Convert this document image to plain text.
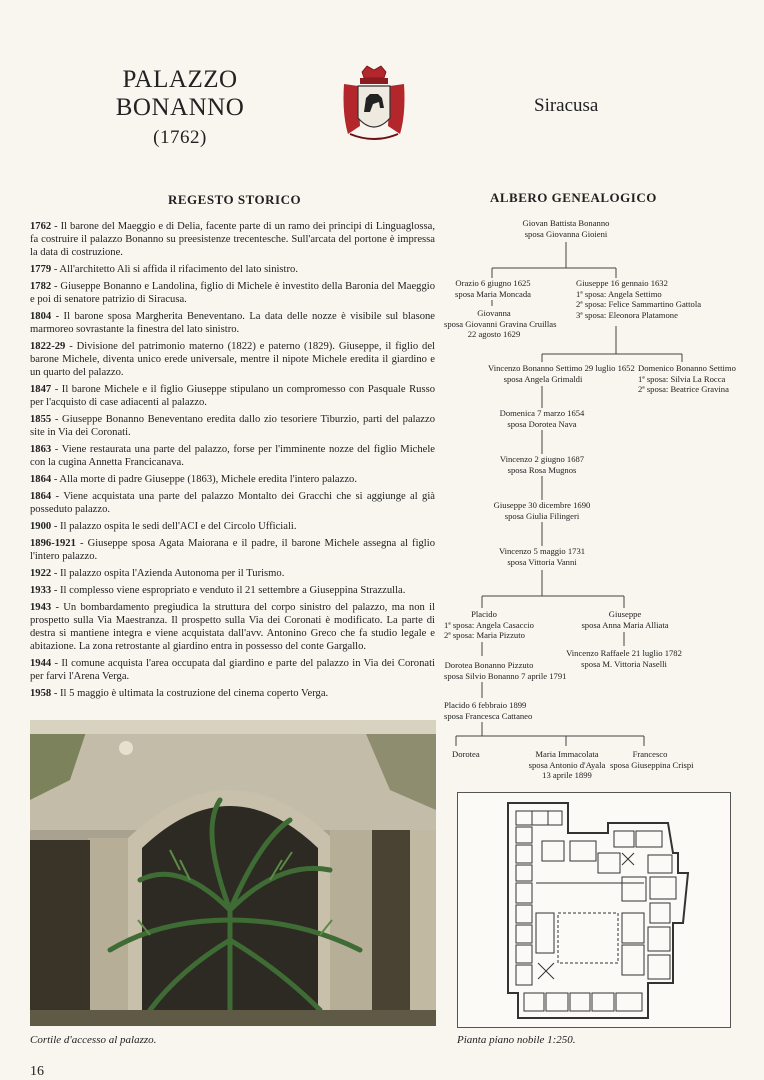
PALAZZO
BONANNO
(1762)
Siracusa
REGESTO STORICO

1762 - Il barone del Maeggio e di Delia, facente parte di un ramo dei principi di Linguaglossa, fa costruire il palazzo Bonanno su preesistenze trecentesche. Sull'arcata del portone è impressa la data di costruzione.

1779 - All'architetto Alì si affida il rifacimento del lato sinistro.

1782 - Giuseppe Bonanno e Landolina, figlio di Michele è investito della Baronia del Maeggio e poi di senatore patrizio di Siracusa.

1804 - Il barone sposa Margherita Beneventano. La data delle nozze è visibile sul blasone marmoreo sovrastante la finestra del lato sinistro.

1822-29 - Divisione del patrimonio materno (1822) e paterno (1829). Giuseppe, il figlio del barone Michele, diventa unico erede universale, mentre il nipote Michele eredita il giardino e un quarto del palazzo.

1847 - Il barone Michele e il figlio Giuseppe stipulano un compromesso con Pasquale Russo per l'acquisto di case adiacenti al palazzo.

1855 - Giuseppe Bonanno Beneventano eredita dallo zio tesoriere Tiburzio, parti del palazzo site in Via dei Coronati.

1863 - Viene restaurata una parte del palazzo, forse per l'imminente nozze del figlio Michele con la cugina Annetta Francicanava.

1864 - Alla morte di padre Giuseppe (1863), Michele eredita l'intero palazzo.

1864 - Viene acquistata una parte del palazzo Montalto dei Gracchi che si aggiunge al già posseduto palazzo.

1900 - Il palazzo ospita le sedi dell'ACI e del Circolo Ufficiali.

1896-1921 - Giuseppe sposa Agata Maiorana e il padre, il barone Michele assegna al figlio l'intero palazzo.

1922 - Il palazzo ospita l'Azienda Autonoma per il Turismo.

1933 - Il complesso viene espropriato e venduto il 21 settembre a Giuseppina Strazzulla.

1943 - Un bombardamento pregiudica la struttura del corpo sinistro del palazzo, ma non il prospetto sulla Via Maestranza. Il prospetto sulla Via dei Coronati è modificato. La parte di destra si mantiene integra e viene acquistata dall'avv. Antonino Greco che fa studio legale e abitazione. La zona retrostante al giardino entra in possesso del conte Gargallo.

1944 - Il comune acquista l'area occupata dal giardino e parte del palazzo in Via dei Coronati per farvi l'Arena Verga.

1958 - Il 5 maggio è ultimata la costruzione del cinema coperto Verga.

ALBERO GENEALOGICO
Giovan Battista Bonanno
sposa Giovanna Gioieni
Orazio 6 giugno 1625
sposa Maria Moncada
Giovanna
sposa Giovanni Gravina Cruillas
22 agosto 1629
Giuseppe 16 gennaio 1632
1ª sposa: Angela Settimo
2ª sposa: Felice Sammartino Gattola
3ª sposa: Eleonora Platamone
Vincenzo Bonanno Settimo 29 luglio 1652
sposa Angela Grimaldi
Domenico Bonanno Settimo
1ª sposa: Silvia La Rocca
2ª sposa: Beatrice Gravina
Domenica 7 marzo 1654
sposa Dorotea Nava
Vincenzo 2 giugno 1687
sposa Rosa Mugnos
Giuseppe 30 dicembre 1690
sposa Giulia Filingeri
Vincenzo 5 maggio 1731
sposa Vittoria Vanni
Placido
1ª sposa: Angela Casaccio
2ª sposa: Maria Pizzuto
Giuseppe
sposa Anna Maria Alliata
Dorotea Bonanno Pizzuto
sposa Silvio Bonanno 7 aprile 1791
Vincenzo Raffaele 21 luglio 1782
sposa M. Vittoria Naselli
Placido 6 febbraio 1899
sposa Francesca Cattaneo
Dorotea	Maria Immacolata
sposa Antonio d'Ayala
13 aprile 1899
Francesco
sposa Giuseppina Crispi
Cortile d'accesso al palazzo.	Pianta piano nobile 1:250.
16
